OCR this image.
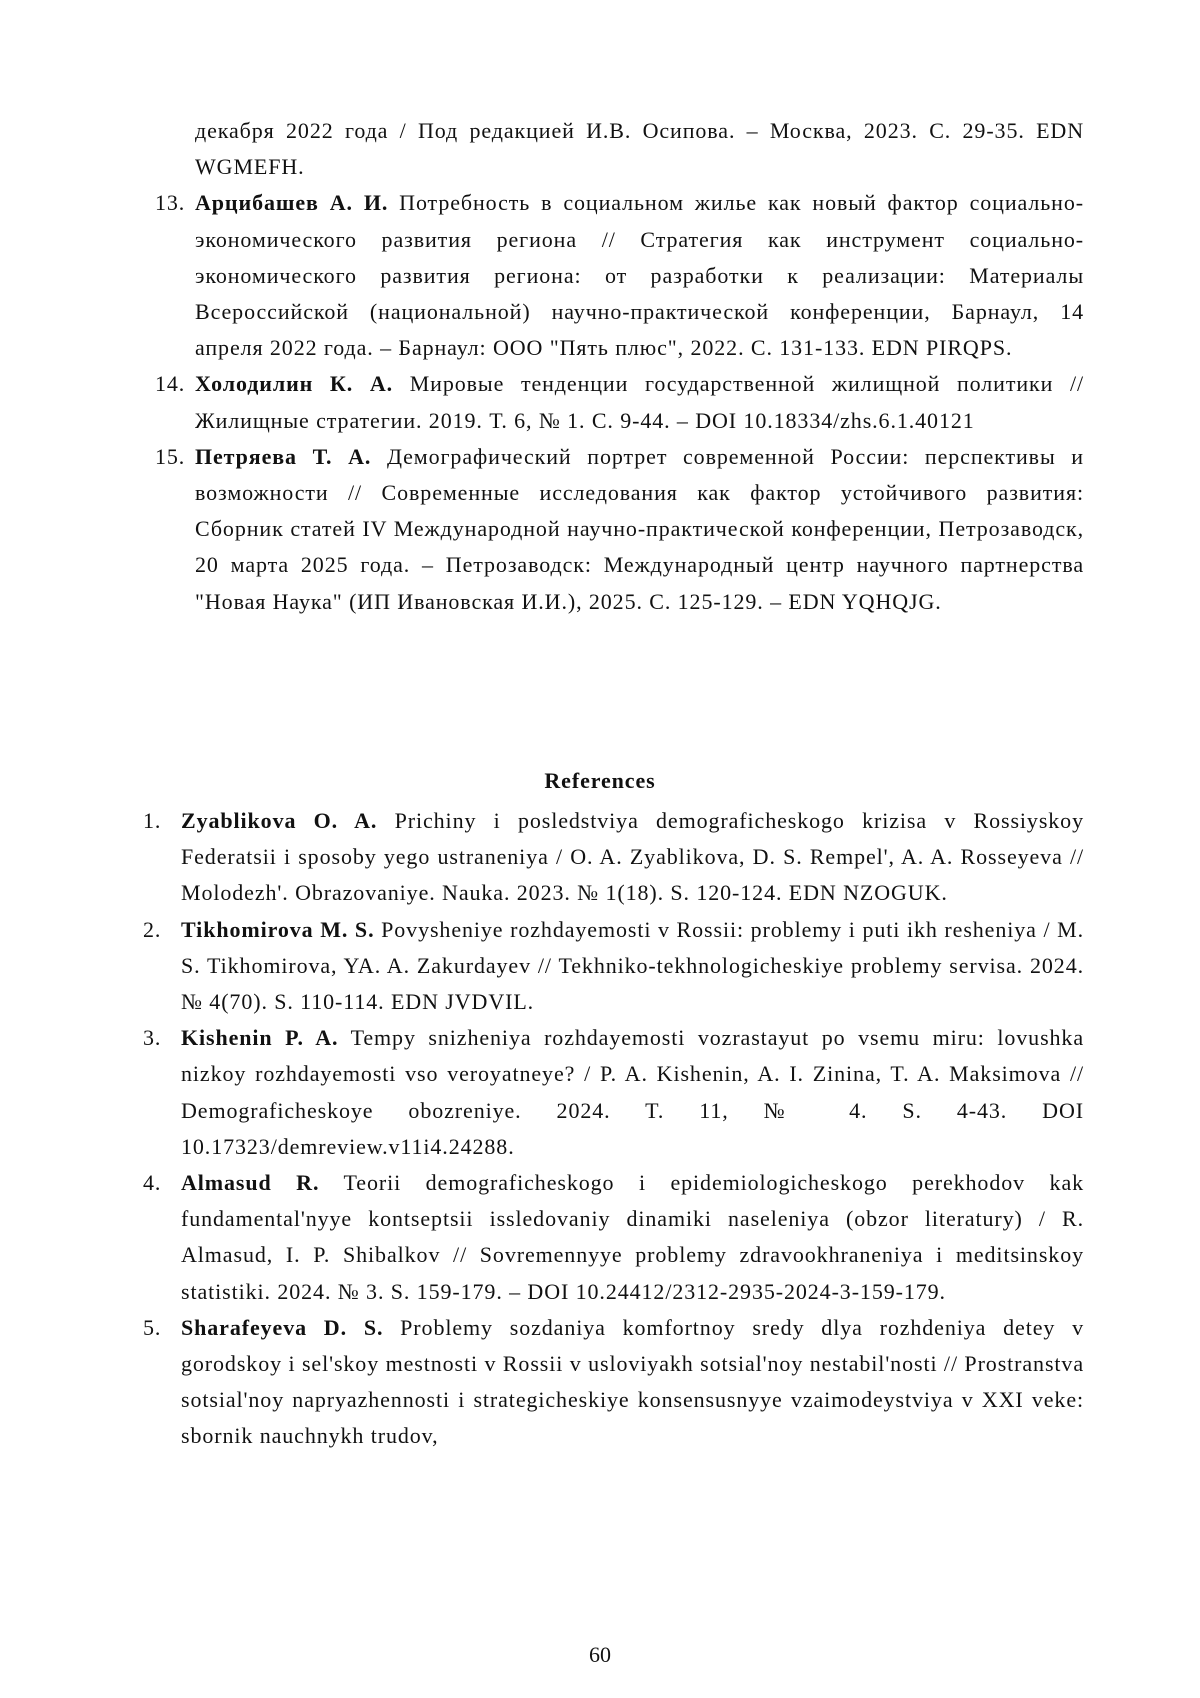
декабря 2022 года / Под редакцией И.В. Осипова. – Москва, 2023. С. 29-35. EDN WGMEFH.

13. Арцибашев А. И. Потребность в социальном жилье как новый фактор социально-экономического развития региона // Стратегия как инструмент социально-экономического развития региона: от разработки к реализации: Материалы Всероссийской (национальной) научно-практической конференции, Барнаул, 14 апреля 2022 года. – Барнаул: ООО "Пять плюс", 2022. С. 131-133. EDN PIRQPS.
14. Холодилин К. А. Мировые тенденции государственной жилищной политики // Жилищные стратегии. 2019. Т. 6, № 1. С. 9-44. – DOI 10.18334/zhs.6.1.40121
15. Петряева Т. А. Демографический портрет современной России: перспективы и возможности // Современные исследования как фактор устойчивого развития: Сборник статей IV Международной научно-практической конференции, Петрозаводск, 20 марта 2025 года. – Петрозаводск: Международный центр научного партнерства "Новая Наука" (ИП Ивановская И.И.), 2025. С. 125-129. – EDN YQHQJG.
References
1. Zyablikova O. A. Prichiny i posledstviya demograficheskogo krizisa v Rossiyskoy Federatsii i sposoby yego ustraneniya / O. A. Zyablikova, D. S. Rempel', A. A. Rosseyeva // Molodezh'. Obrazovaniye. Nauka. 2023. № 1(18). S. 120-124. EDN NZOGUK.
2. Tikhomirova M. S. Povysheniye rozhdayemosti v Rossii: problemy i puti ikh resheniya / M. S. Tikhomirova, YA. A. Zakurdayev // Tekhniko-tekhnologicheskiye problemy servisa. 2024. № 4(70). S. 110-114. EDN JVDVIL.
3. Kishenin P. A. Tempy snizheniya rozhdayemosti vozrastayut po vsemu miru: lovushka nizkoy rozhdayemosti vso veroyatneye? / P. A. Kishenin, A. I. Zinina, T. A. Maksimova // Demograficheskoye obozreniye. 2024. T. 11, № 4. S. 4-43. DOI 10.17323/demreview.v11i4.24288.
4. Almasud R. Teorii demograficheskogo i epidemiologicheskogo perekhodov kak fundamental'nyye kontseptsii issledovaniy dinamiki naseleniya (obzor literatury) / R. Almasud, I. P. Shibalkov // Sovremennyye problemy zdravookhraneniya i meditsinskoy statistiki. 2024. № 3. S. 159-179. – DOI 10.24412/2312-2935-2024-3-159-179.
5. Sharafeyeva D. S. Problemy sozdaniya komfortnoy sredy dlya rozhdeniya detey v gorodskoy i sel'skoy mestnosti v Rossii v usloviyakh sotsial'noy nestabil'nosti // Prostranstva sotsial'noy napryazhennosti i strategicheskiye konsensusnyye vzaimodeystviya v XXI veke: sbornik nauchnykh trudov,
60
